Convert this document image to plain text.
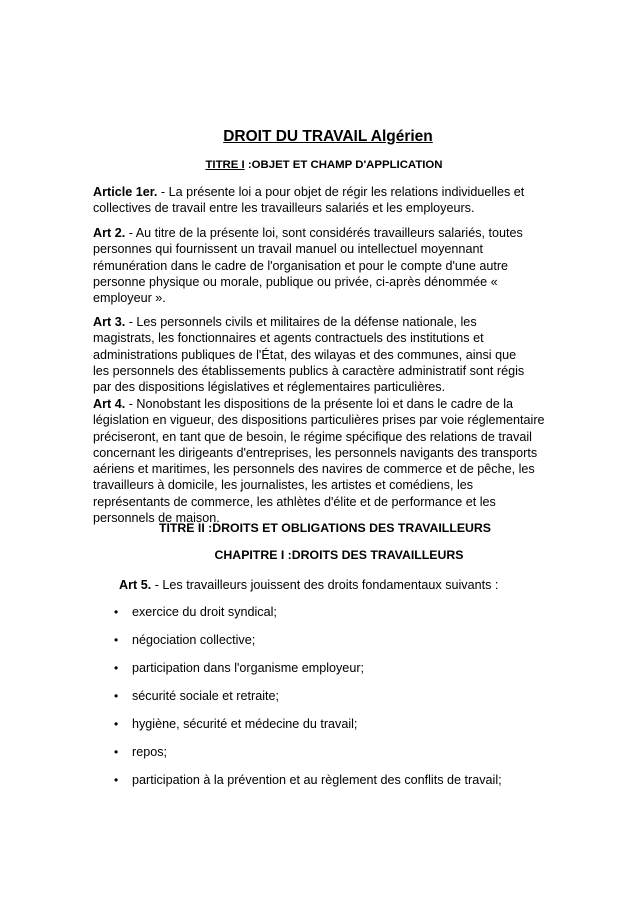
DROIT DU TRAVAIL Algérien
TITRE I :OBJET ET CHAMP D'APPLICATION
Article 1er. - La présente loi a pour objet de régir les relations individuelles et
collectives de travail entre les travailleurs salariés et les employeurs.
Art 2. - Au titre de la présente loi, sont considérés travailleurs salariés, toutes
personnes qui fournissent un travail manuel ou intellectuel moyennant
rémunération dans le cadre de l'organisation et pour le compte d'une autre
personne physique ou morale, publique ou privée, ci-après dénommée «
employeur ».
Art 3. - Les personnels civils et militaires de la défense nationale, les
magistrats, les fonctionnaires et agents contractuels des institutions et
administrations publiques de l'État, des wilayas et des communes, ainsi que
les personnels des établissements publics à caractère administratif sont régis
par des dispositions législatives et réglementaires particulières.
Art 4. - Nonobstant les dispositions de la présente loi et dans le cadre de la
législation en vigueur, des dispositions particulières prises par voie réglementaire
préciseront, en tant que de besoin, le régime spécifique des relations de travail
concernant les dirigeants d'entreprises, les personnels navigants des transports
aériens et maritimes, les personnels des navires de commerce et de pêche, les
travailleurs à domicile, les journalistes, les artistes et comédiens, les
représentants de commerce, les athlètes d'élite et de performance et les
personnels de maison.
TITRE II :DROITS ET OBLIGATIONS DES TRAVAILLEURS
CHAPITRE I :DROITS DES TRAVAILLEURS
Art 5. - Les travailleurs jouissent des droits fondamentaux suivants :
•	exercice du droit syndical;
•	négociation collective;
•	participation dans l'organisme employeur;
•	sécurité sociale et retraite;
•	hygiène, sécurité et médecine du travail;
•	repos;
•	participation à la prévention et au règlement des conflits de travail;
